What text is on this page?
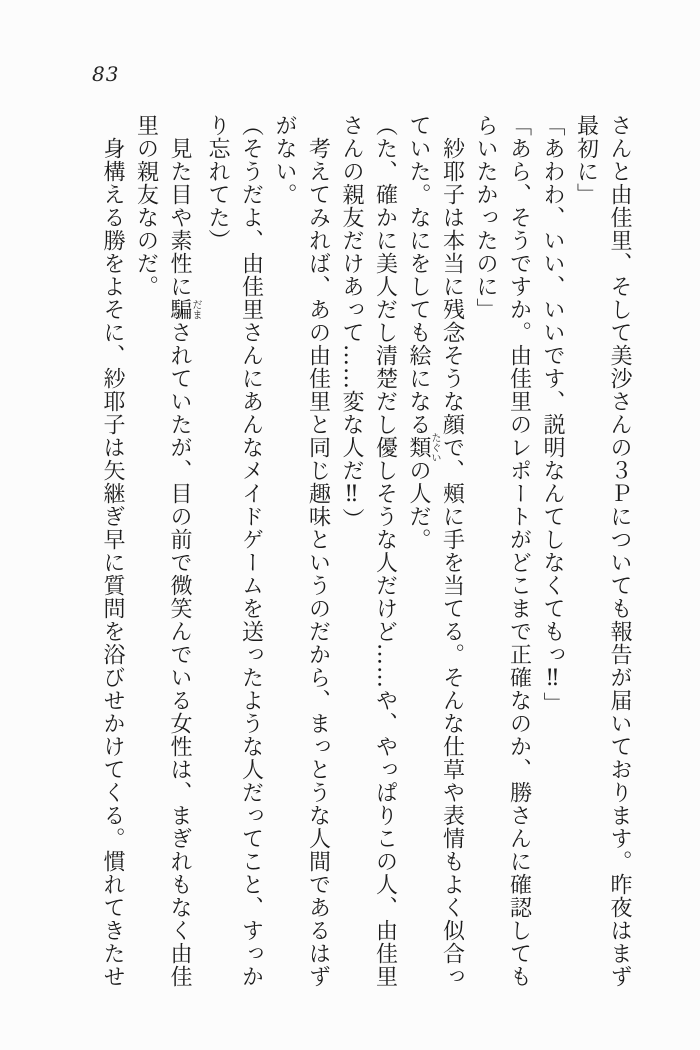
83

さんと由佳里、そして美沙さんの３Ｐについても報告が届いております。昨夜はまず最初に」

「あわわ、いい、いいです、説明なんてしなくてもっ‼」

「あら、そうですか。由佳里のレポートがどこまで正確なのか、勝さんに確認してもらいたかったのに」

紗耶子は本当に残念そうな顔で、頰に手を当てる。そんな仕草や表情もよく似合っていた。なにをしても絵になる類たぐいの人だ。

（た、確かに美人だし清楚だし優しそうな人だけど……や、やっぱりこの人、由佳里さんの親友だけあって……変な人だ‼）

考えてみれば、あの由佳里と同じ趣味というのだから、まっとうな人間であるはずがない。

（そうだよ、由佳里さんにあんなメイドゲームを送ったような人だってこと、すっかり忘れてた）

見た目や素性に騙だまされていたが、目の前で微笑んでいる女性は、まぎれもなく由佳里の親友なのだ。

身構える勝をよそに、紗耶子は矢継ぎ早に質問を浴びせかけてくる。慣れてきたせ
